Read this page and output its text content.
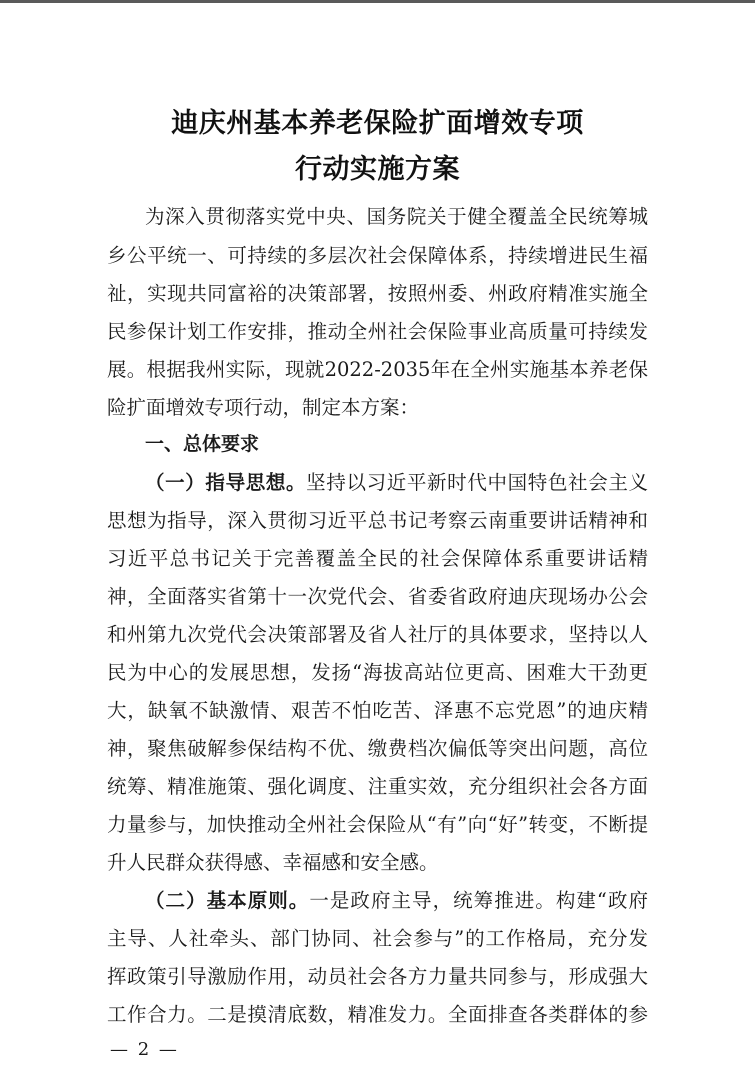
迪庆州基本养老保险扩面增效专项
行动实施方案

为深入贯彻落实党中央、国务院关于健全覆盖全民统筹城

乡公平统一、可持续的多层次社会保障体系，持续增进民生福

祉，实现共同富裕的决策部署，按照州委、州政府精准实施全

民参保计划工作安排，推动全州社会保险事业高质量可持续发

展。根据我州实际，现就2022-2035年在全州实施基本养老保

险扩面增效专项行动，制定本方案：

一、总体要求

（一）指导思想。坚持以习近平新时代中国特色社会主义

思想为指导，深入贯彻习近平总书记考察云南重要讲话精神和

习近平总书记关于完善覆盖全民的社会保障体系重要讲话精

神，全面落实省第十一次党代会、省委省政府迪庆现场办公会

和州第九次党代会决策部署及省人社厅的具体要求，坚持以人

民为中心的发展思想，发扬“海拔高站位更高、困难大干劲更

大，缺氧不缺激情、艰苦不怕吃苦、泽惠不忘党恩”的迪庆精

神，聚焦破解参保结构不优、缴费档次偏低等突出问题，高位

统筹、精准施策、强化调度、注重实效，充分组织社会各方面

力量参与，加快推动全州社会保险从“有”向“好”转变，不断提

升人民群众获得感、幸福感和安全感。

（二）基本原则。一是政府主导，统筹推进。构建“政府

主导、人社牵头、部门协同、社会参与”的工作格局，充分发

挥政策引导激励作用，动员社会各方力量共同参与，形成强大

工作合力。二是摸清底数，精准发力。全面排查各类群体的参

— 2 —
